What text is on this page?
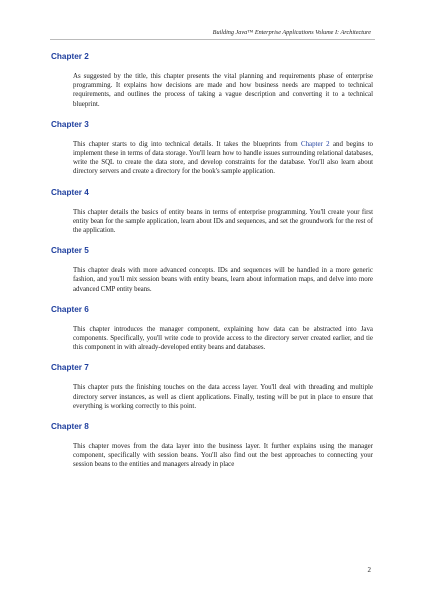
Building Java™ Enterprise Applications Volume I: Architecture
Chapter 2

As suggested by the title, this chapter presents the vital planning and requirements phase of enterprise programming. It explains how decisions are made and how business needs are mapped to technical requirements, and outlines the process of taking a vague description and converting it to a technical blueprint.

Chapter 3

This chapter starts to dig into technical details. It takes the blueprints from Chapter 2 and begins to implement these in terms of data storage. You'll learn how to handle issues surrounding relational databases, write the SQL to create the data store, and develop constraints for the database. You'll also learn about directory servers and create a directory for the book's sample application.

Chapter 4

This chapter details the basics of entity beans in terms of enterprise programming. You'll create your first entity bean for the sample application, learn about IDs and sequences, and set the groundwork for the rest of the application.

Chapter 5

This chapter deals with more advanced concepts. IDs and sequences will be handled in a more generic fashion, and you'll mix session beans with entity beans, learn about information maps, and delve into more advanced CMP entity beans.

Chapter 6

This chapter introduces the manager component, explaining how data can be abstracted into Java components. Specifically, you'll write code to provide access to the directory server created earlier, and tie this component in with already-developed entity beans and databases.

Chapter 7

This chapter puts the finishing touches on the data access layer. You'll deal with threading and multiple directory server instances, as well as client applications. Finally, testing will be put in place to ensure that everything is working correctly to this point.

Chapter 8

This chapter moves from the data layer into the business layer. It further explains using the manager component, specifically with session beans. You'll also find out the best approaches to connecting your session beans to the entities and managers already in place

2
